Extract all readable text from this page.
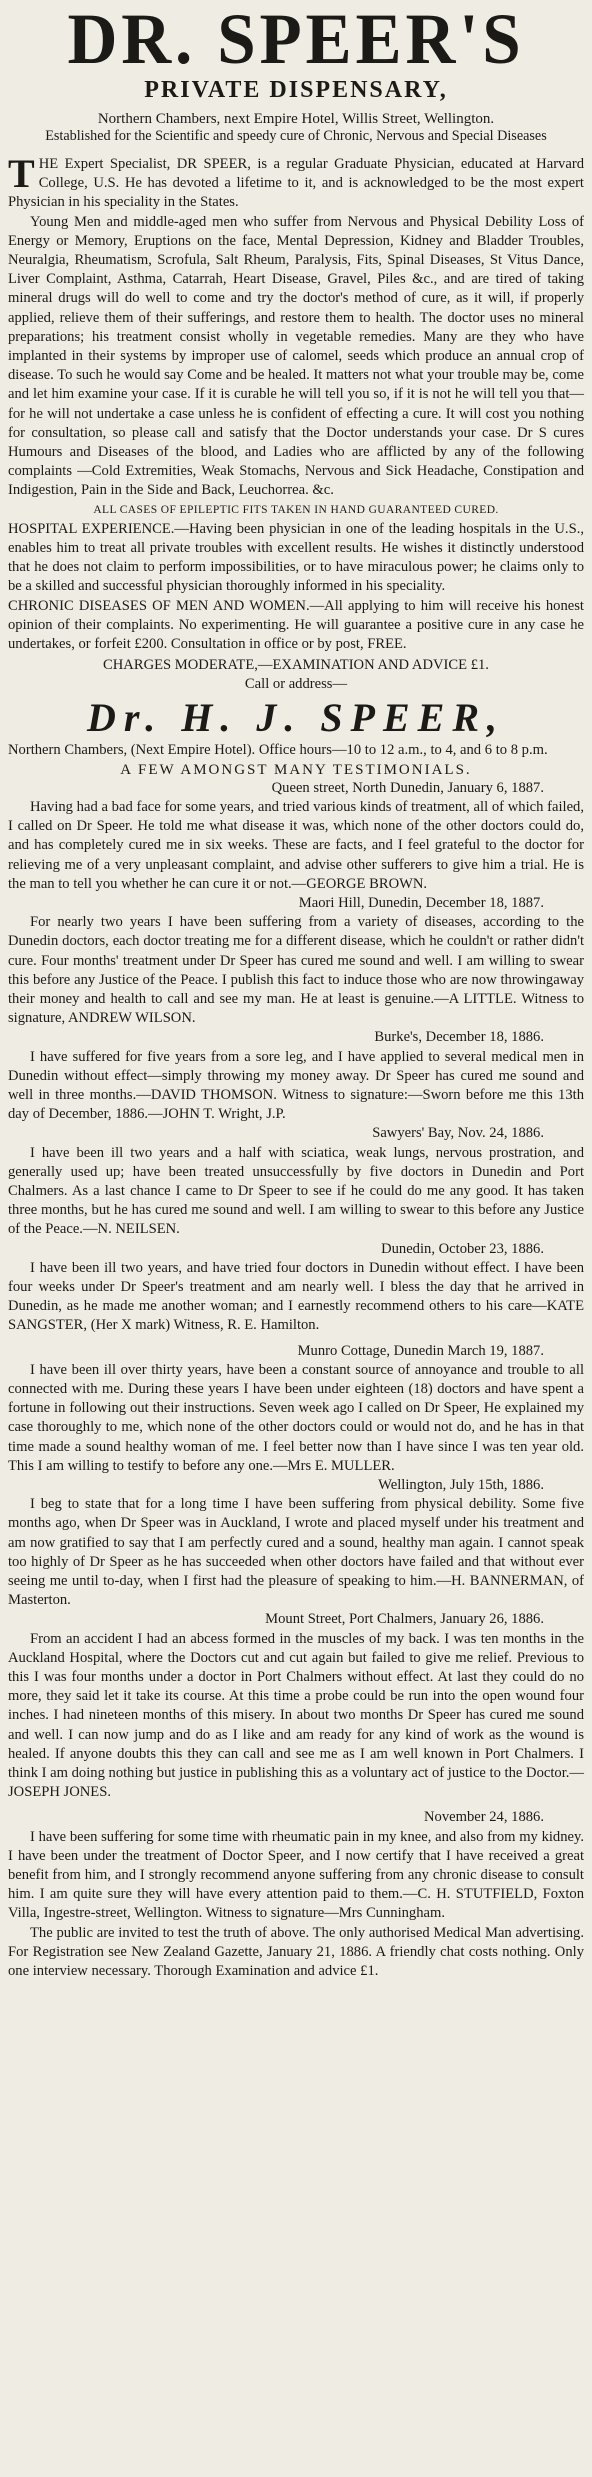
DR. SPEER'S
PRIVATE DISPENSARY,
Northern Chambers, next Empire Hotel, Willis Street, Wellington.
Established for the Scientific and speedy cure of Chronic, Nervous and Special Diseases

THE Expert Specialist, DR SPEER, is a regular Graduate Physician, educated at Harvard College, U.S. He has devoted a lifetime to it, and is acknowledged to be the most expert Physician in his speciality in the States.

Young Men and middle-aged men who suffer from Nervous and Physical Debility Loss of Energy or Memory, Eruptions on the face, Mental Depression, Kidney and Bladder Troubles, Neuralgia, Rheumatism, Scrofula, Salt Rheum, Paralysis, Fits, Spinal Diseases, St Vitus Dance, Liver Complaint, Asthma, Catarrah, Heart Disease, Gravel, Piles &c., and are tired of taking mineral drugs will do well to come and try the doctor's method of cure, as it will, if properly applied, relieve them of their sufferings, and restore them to health. The doctor uses no mineral preparations; his treatment consist wholly in vegetable remedies. Many are they who have implanted in their systems by improper use of calomel, seeds which produce an annual crop of disease. To such he would say Come and be healed. It matters not what your trouble may be, come and let him examine your case. If it is curable he will tell you so, if it is not he will tell you that—for he will not undertake a case unless he is confident of effecting a cure. It will cost you nothing for consultation, so please call and satisfy that the Doctor understands your case. Dr S cures Humours and Diseases of the blood, and Ladies who are afflicted by any of the following complaints —Cold Extremities, Weak Stomachs, Nervous and Sick Headache, Constipation and Indigestion, Pain in the Side and Back, Leuchorrea. &c.

ALL CASES OF EPILEPTIC FITS TAKEN IN HAND GUARANTEED CURED.

HOSPITAL EXPERIENCE.—Having been physician in one of the leading hospitals in the U.S., enables him to treat all private troubles with excellent results. He wishes it distinctly understood that he does not claim to perform impossibilities, or to have miraculous power; he claims only to be a skilled and successful physician thoroughly informed in his speciality.

CHRONIC DISEASES OF MEN AND WOMEN.—All applying to him will receive his honest opinion of their complaints. No experimenting. He will guarantee a positive cure in any case he undertakes, or forfeit £200. Consultation in office or by post, FREE.

CHARGES MODERATE,—EXAMINATION AND ADVICE £1.
Call or address—
Dr. H. J. SPEER,
Northern Chambers, (Next Empire Hotel). Office hours—10 to 12 a.m., to 4, and 6 to 8 p.m.
A FEW AMONGST MANY TESTIMONIALS.

Queen street, North Dunedin, January 6, 1887.

Having had a bad face for some years, and tried various kinds of treatment, all of which failed, I called on Dr Speer. He told me what disease it was, which none of the other doctors could do, and has completely cured me in six weeks. These are facts, and I feel grateful to the doctor for relieving me of a very unpleasant complaint, and advise other sufferers to give him a trial. He is the man to tell you whether he can cure it or not.—GEORGE BROWN.

Maori Hill, Dunedin, December 18, 1887.

For nearly two years I have been suffering from a variety of diseases, according to the Dunedin doctors, each doctor treating me for a different disease, which he couldn't or rather didn't cure. Four months' treatment under Dr Speer has cured me sound and well. I am willing to swear this before any Justice of the Peace. I publish this fact to induce those who are now throwingaway their money and health to call and see my man. He at least is genuine.—A LITTLE. Witness to signature, ANDREW WILSON.

Burke's, December 18, 1886.

I have suffered for five years from a sore leg, and I have applied to several medical men in Dunedin without effect—simply throwing my money away. Dr Speer has cured me sound and well in three months.—DAVID THOMSON. Witness to signature:—Sworn before me this 13th day of December, 1886.—JOHN T. Wright, J.P.

Sawyers' Bay, Nov. 24, 1886.

I have been ill two years and a half with sciatica, weak lungs, nervous prostration, and generally used up; have been treated unsuccessfully by five doctors in Dunedin and Port Chalmers. As a last chance I came to Dr Speer to see if he could do me any good. It has taken three months, but he has cured me sound and well. I am willing to swear to this before any Justice of the Peace.—N. NEILSEN.

Dunedin, October 23, 1886.

I have been ill two years, and have tried four doctors in Dunedin without effect. I have been four weeks under Dr Speer's treatment and am nearly well. I bless the day that he arrived in Dunedin, as he made me another woman; and I earnestly recommend others to his care—KATE SANGSTER, (Her X mark) Witness, R. E. Hamilton.

Munro Cottage, Dunedin March 19, 1887.

I have been ill over thirty years, have been a constant source of annoyance and trouble to all connected with me. During these years I have been under eighteen (18) doctors and have spent a fortune in following out their instructions. Seven week ago I called on Dr Speer, He explained my case thoroughly to me, which none of the other doctors could or would not do, and he has in that time made a sound healthy woman of me. I feel better now than I have since I was ten year old. This I am willing to testify to before any one.—Mrs E. MULLER.

Wellington, July 15th, 1886.

I beg to state that for a long time I have been suffering from physical debility. Some five months ago, when Dr Speer was in Auckland, I wrote and placed myself under his treatment and am now gratified to say that I am perfectly cured and a sound, healthy man again. I cannot speak too highly of Dr Speer as he has succeeded when other doctors have failed and that without ever seeing me until to-day, when I first had the pleasure of speaking to him.—H. BANNERMAN, of Masterton.

Mount Street, Port Chalmers, January 26, 1886.

From an accident I had an abcess formed in the muscles of my back. I was ten months in the Auckland Hospital, where the Doctors cut and cut again but failed to give me relief. Previous to this I was four months under a doctor in Port Chalmers without effect. At last they could do no more, they said let it take its course. At this time a probe could be run into the open wound four inches. I had nineteen months of this misery. In about two months Dr Speer has cured me sound and well. I can now jump and do as I like and am ready for any kind of work as the wound is healed. If anyone doubts this they can call and see me as I am well known in Port Chalmers. I think I am doing nothing but justice in publishing this as a voluntary act of justice to the Doctor.—JOSEPH JONES.

November 24, 1886.

I have been suffering for some time with rheumatic pain in my knee, and also from my kidney. I have been under the treatment of Doctor Speer, and I now certify that I have received a great benefit from him, and I strongly recommend anyone suffering from any chronic disease to consult him. I am quite sure they will have every attention paid to them.—C. H. STUTFIELD, Foxton Villa, Ingestre-street, Wellington. Witness to signature—Mrs Cunningham.

The public are invited to test the truth of above. The only authorised Medical Man advertising. For Registration see New Zealand Gazette, January 21, 1886. A friendly chat costs nothing. Only one interview necessary. Thorough Examination and advice £1.
